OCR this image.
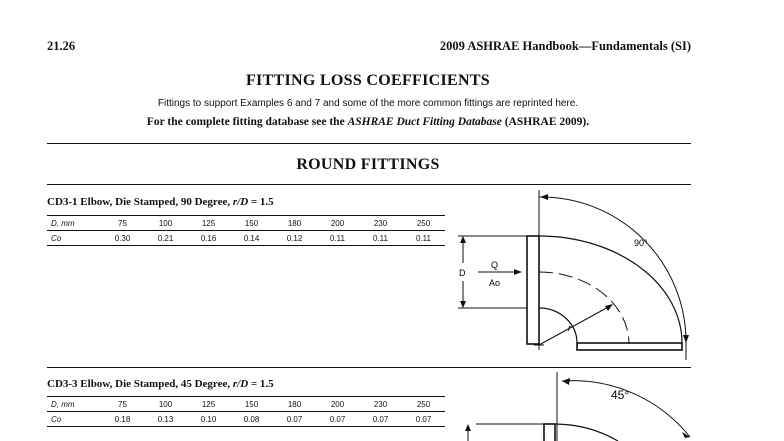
21.26	2009 ASHRAE Handbook—Fundamentals (SI)
FITTING LOSS COEFFICIENTS
Fittings to support Examples 6 and 7 and some of the more common fittings are reprinted here.
For the complete fitting database see the ASHRAE Duct Fitting Database (ASHRAE 2009).
ROUND FITTINGS
CD3-1 Elbow, Die Stamped, 90 Degree, r/D = 1.5
D, mm	75	100	125	150	180	200	230	250
Co	0.30	0.21	0.16	0.14	0.12	0.11	0.11	0.11
D
Q
Ao
r
90°
CD3-3 Elbow, Die Stamped, 45 Degree, r/D = 1.5
D, mm	75	100	125	150	180	200	230	250
Co	0.18	0.13	0.10	0.08	0.07	0.07	0.07	0.07
45°
